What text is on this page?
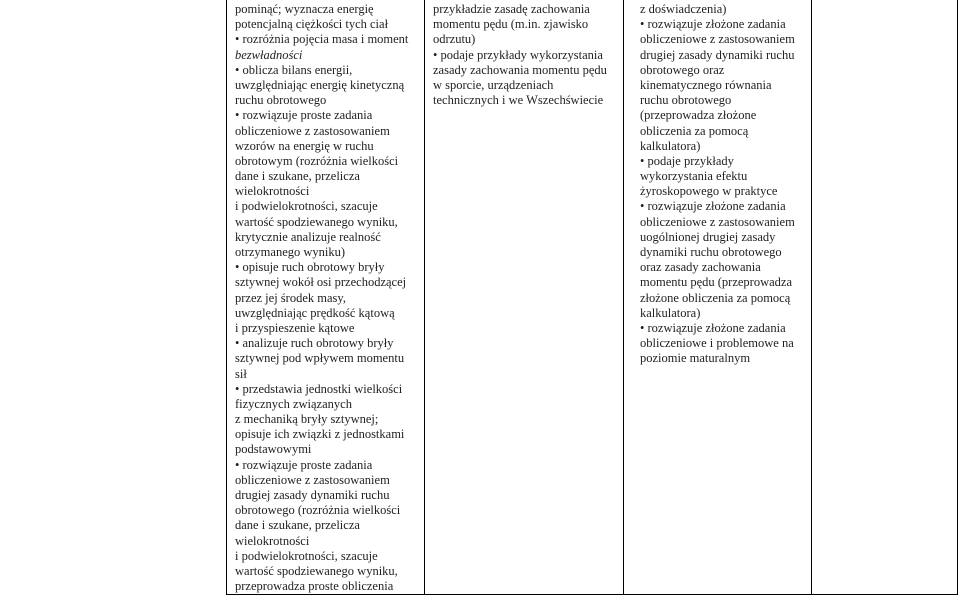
pominąć; wyznacza energię
potencjalną ciężkości tych ciał
• rozróżnia pojęcia masa i moment
bezwładności
• oblicza bilans energii,
uwzględniając energię kinetyczną
ruchu obrotowego
• rozwiązuje proste zadania
obliczeniowe z zastosowaniem
wzorów na energię w ruchu
obrotowym (rozróżnia wielkości
dane i szukane, przelicza
wielokrotności
i podwielokrotności, szacuje
wartość spodziewanego wyniku,
krytycznie analizuje realność
otrzymanego wyniku)
• opisuje ruch obrotowy bryły
sztywnej wokół osi przechodzącej
przez jej środek masy,
uwzględniając prędkość kątową
i przyspieszenie kątowe
• analizuje ruch obrotowy bryły
sztywnej pod wpływem momentu
sił
• przedstawia jednostki wielkości
fizycznych związanych
z mechaniką bryły sztywnej;
opisuje ich związki z jednostkami
podstawowymi
• rozwiązuje proste zadania
obliczeniowe z zastosowaniem
drugiej zasady dynamiki ruchu
obrotowego (rozróżnia wielkości
dane i szukane, przelicza
wielokrotności
i podwielokrotności, szacuje
wartość spodziewanego wyniku,
przeprowadza proste obliczenia
przykładzie zasadę zachowania
momentu pędu (m.in. zjawisko
odrzutu)
• podaje przykłady wykorzystania
zasady zachowania momentu pędu
w sporcie, urządzeniach
technicznych i we Wszechświecie
z doświadczenia)
• rozwiązuje złożone zadania
obliczeniowe z zastosowaniem
drugiej zasady dynamiki ruchu
obrotowego oraz
kinematycznego równania
ruchu obrotowego
(przeprowadza złożone
obliczenia za pomocą
kalkulatora)
• podaje przykłady
wykorzystania efektu
żyroskopowego w praktyce
• rozwiązuje złożone zadania
obliczeniowe z zastosowaniem
uogólnionej drugiej zasady
dynamiki ruchu obrotowego
oraz zasady zachowania
momentu pędu (przeprowadza
złożone obliczenia za pomocą
kalkulatora)
• rozwiązuje złożone zadania
obliczeniowe i problemowe na
poziomie maturalnym
